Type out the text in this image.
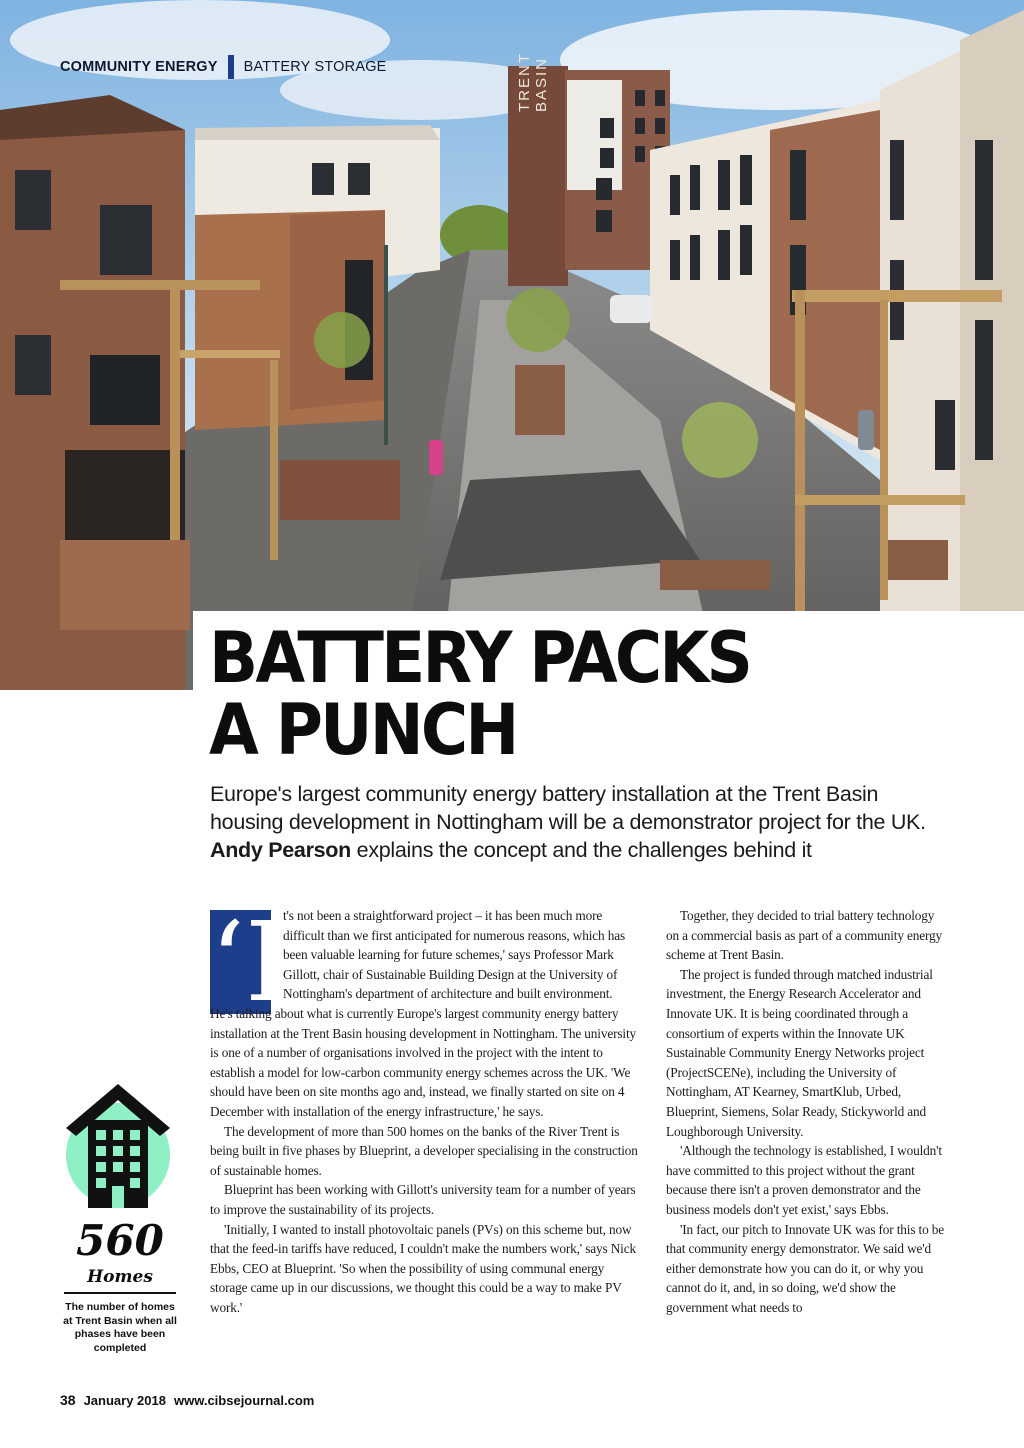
TRENT BASIN
COMMUNITY ENERGY BATTERY STORAGE
BATTERY PACKS
A PUNCH

Europe's largest community energy battery installation at the Trent Basin housing development in Nottingham will be a demonstrator project for the UK. Andy Pearson explains the concept and the challenges behind it

‘I

t's not been a straightforward project – it has been much more difficult than we first anticipated for numerous reasons, which has been valuable learning for future schemes,' says Professor Mark Gillott, chair of Sustainable Building Design at the University of Nottingham's department of architecture and built environment.

He's talking about what is currently Europe's largest community energy battery installation at the Trent Basin housing development in Nottingham. The university is one of a number of organisations involved in the project with the intent to establish a model for low-carbon community energy schemes across the UK. 'We should have been on site months ago and, instead, we finally started on site on 4 December with installation of the energy infrastructure,' he says.

The development of more than 500 homes on the banks of the River Trent is being built in five phases by Blueprint, a developer specialising in the construction of sustainable homes.

Blueprint has been working with Gillott's university team for a number of years to improve the sustainability of its projects.

'Initially, I wanted to install photovoltaic panels (PVs) on this scheme but, now that the feed-in tariffs have reduced, I couldn't make the numbers work,' says Nick Ebbs, CEO at Blueprint. 'So when the possibility of using communal energy storage came up in our discussions, we thought this could be a way to make PV work.'

Together, they decided to trial battery technology on a commercial basis as part of a community energy scheme at Trent Basin.

The project is funded through matched industrial investment, the Energy Research Accelerator and Innovate UK. It is being coordinated through a consortium of experts within the Innovate UK Sustainable Community Energy Networks project (ProjectSCENe), including the University of Nottingham, AT Kearney, SmartKlub, Urbed, Blueprint, Siemens, Solar Ready, Stickyworld and Loughborough University.

'Although the technology is established, I wouldn't have committed to this project without the grant because there isn't a proven demonstrator and the business models don't yet exist,' says Ebbs.

'In fact, our pitch to Innovate UK was for this to be that community energy demonstrator. We said we'd either demonstrate how you can do it, or why you cannot do it, and, in so doing, we'd show the government what needs to

560
Homes
The number of homes at Trent Basin when all phases have been completed
38 January 2018 www.cibsejournal.com
